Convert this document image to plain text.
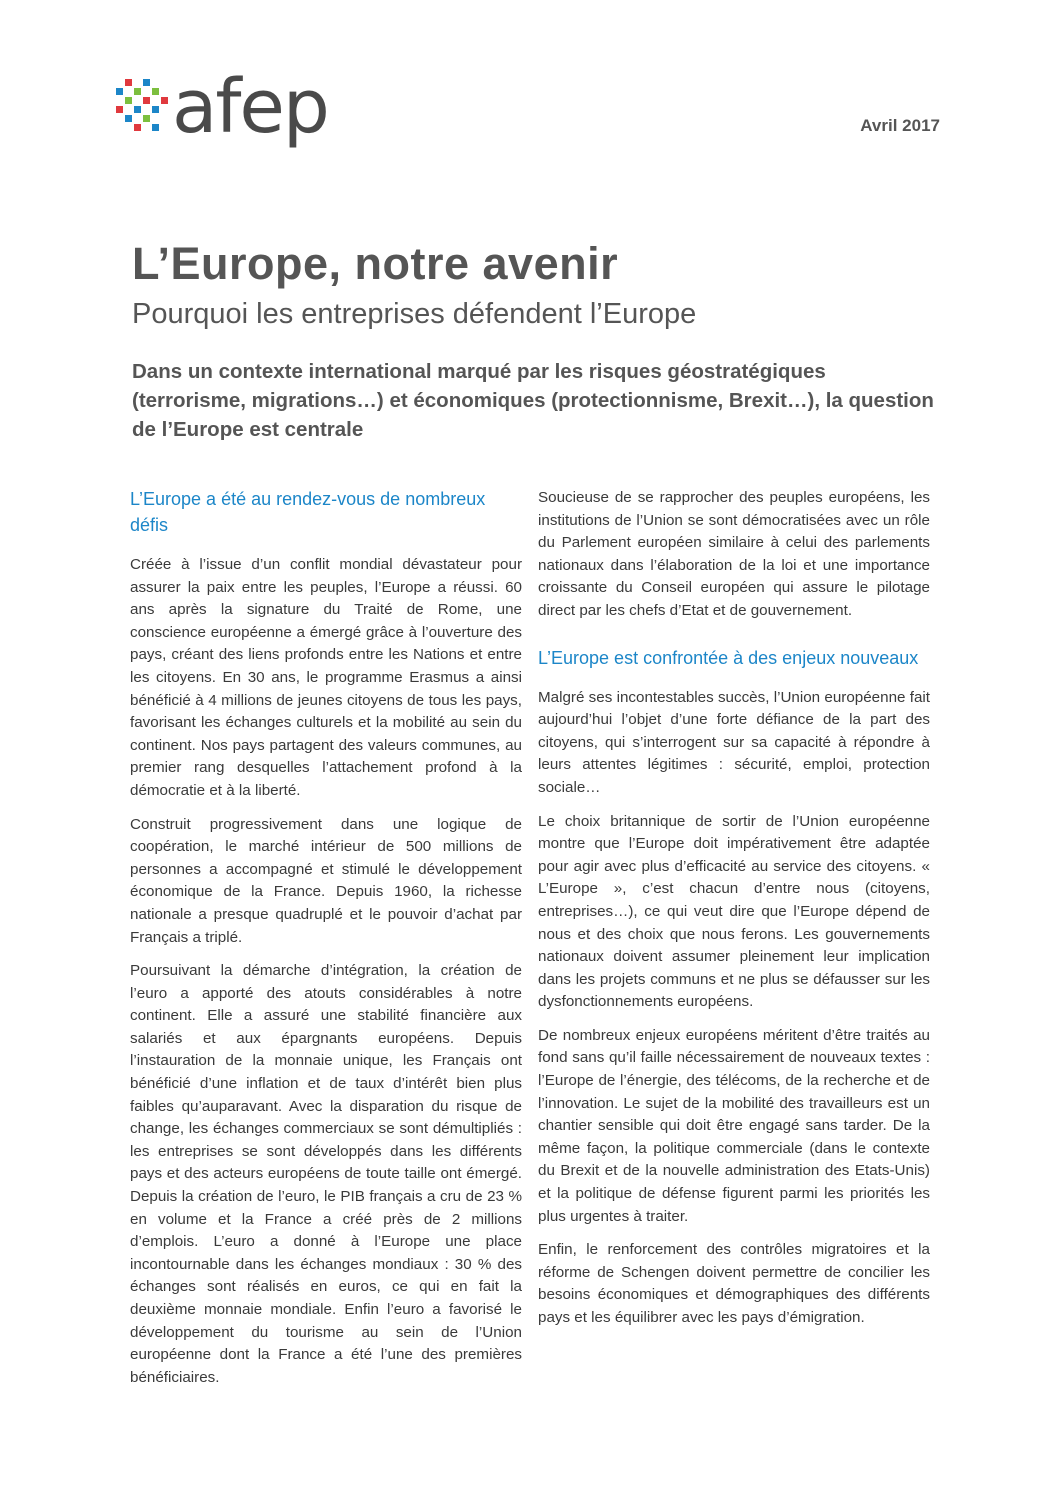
afep	Avril 2017
L’Europe, notre avenir
Pourquoi les entreprises défendent l’Europe

Dans un contexte international marqué par les risques géostratégiques (terrorisme, migrations…) et économiques (protectionnisme, Brexit…), la question de l’Europe est centrale

L’Europe a été au rendez-vous de nombreux défis

Créée à l’issue d’un conflit mondial dévastateur pour assurer la paix entre les peuples, l’Europe a réussi. 60 ans après la signature du Traité de Rome, une conscience européenne a émergé grâce à l’ouverture des pays, créant des liens profonds entre les Nations et entre les citoyens. En 30 ans, le programme Erasmus a ainsi bénéficié à 4 millions de jeunes citoyens de tous les pays, favorisant les échanges culturels et la mobilité au sein du continent. Nos pays partagent des valeurs communes, au premier rang desquelles l’attachement profond à la démocratie et à la liberté.

Construit progressivement dans une logique de coopération, le marché intérieur de 500 millions de personnes a accompagné et stimulé le développement économique de la France. Depuis 1960, la richesse nationale a presque quadruplé et le pouvoir d’achat par Français a triplé.

Poursuivant la démarche d’intégration, la création de l’euro a apporté des atouts considérables à notre continent. Elle a assuré une stabilité financière aux salariés et aux épargnants européens. Depuis l’instauration de la monnaie unique, les Français ont bénéficié d’une inflation et de taux d’intérêt bien plus faibles qu’auparavant. Avec la disparation du risque de change, les échanges commerciaux se sont démultipliés : les entreprises se sont développés dans les différents pays et des acteurs européens de toute taille ont émergé. Depuis la création de l’euro, le PIB français a cru de 23 % en volume et la France a créé près de 2 millions d’emplois. L’euro a donné à l’Europe une place incontournable dans les échanges mondiaux : 30 % des échanges sont réalisés en euros, ce qui en fait la deuxième monnaie mondiale. Enfin l’euro a favorisé le développement du tourisme au sein de l’Union européenne dont la France a été l’une des premières bénéficiaires.

Soucieuse de se rapprocher des peuples européens, les institutions de l’Union se sont démocratisées avec un rôle du Parlement européen similaire à celui des parlements nationaux dans l’élaboration de la loi et une importance croissante du Conseil européen qui assure le pilotage direct par les chefs d’Etat et de gouvernement.

L’Europe est confrontée à des enjeux nouveaux

Malgré ses incontestables succès, l’Union européenne fait aujourd’hui l’objet d’une forte défiance de la part des citoyens, qui s’interrogent sur sa capacité à répondre à leurs attentes légitimes : sécurité, emploi, protection sociale…

Le choix britannique de sortir de l’Union européenne montre que l’Europe doit impérativement être adaptée pour agir avec plus d’efficacité au service des citoyens. « L’Europe », c’est chacun d’entre nous (citoyens, entreprises…), ce qui veut dire que l’Europe dépend de nous et des choix que nous ferons. Les gouvernements nationaux doivent assumer pleinement leur implication dans les projets communs et ne plus se défausser sur les dysfonctionnements européens.

De nombreux enjeux européens méritent d’être traités au fond sans qu’il faille nécessairement de nouveaux textes : l’Europe de l’énergie, des télécoms, de la recherche et de l’innovation. Le sujet de la mobilité des travailleurs est un chantier sensible qui doit être engagé sans tarder. De la même façon, la politique commerciale (dans le contexte du Brexit et de la nouvelle administration des Etats-Unis) et la politique de défense figurent parmi les priorités les plus urgentes à traiter.

Enfin, le renforcement des contrôles migratoires et la réforme de Schengen doivent permettre de concilier les besoins économiques et démographiques des différents pays et les équilibrer avec les pays d’émigration.
